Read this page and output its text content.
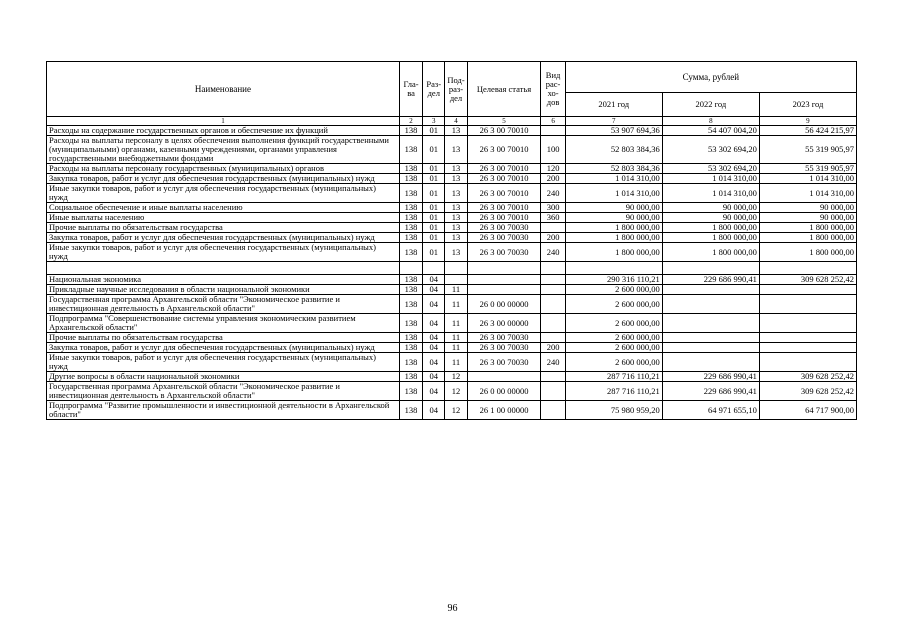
Наименование	Гла-ва	Раз-дел	Под-раз-дел	Целевая статья	Вид рас-хо-дов	Сумма, рублей		
						2021 год	2022 год	2023 год
1	2	3	4	5	6	7	8	9
Расходы на содержание государственных органов и обеспечение их функций	138	01	13	26 3 00 70010		53 907 694,36	54 407 004,20	56 424 215,97
Расходы на выплаты персоналу в целях обеспечения выполнения функций государственными (муниципальными) органами, казенными учреждениями, органами управления государственными внебюджетными фондами	138	01	13	26 3 00 70010	100	52 803 384,36	53 302 694,20	55 319 905,97
Расходы на выплаты персоналу государственных (муниципальных) органов	138	01	13	26 3 00 70010	120	52 803 384,36	53 302 694,20	55 319 905,97
Закупка товаров, работ и услуг для обеспечения государственных (муниципальных) нужд	138	01	13	26 3 00 70010	200	1 014 310,00	1 014 310,00	1 014 310,00
Иные закупки товаров, работ и услуг для обеспечения государственных (муниципальных) нужд	138	01	13	26 3 00 70010	240	1 014 310,00	1 014 310,00	1 014 310,00
Социальное обеспечение и иные выплаты населению	138	01	13	26 3 00 70010	300	90 000,00	90 000,00	90 000,00
Иные выплаты населению	138	01	13	26 3 00 70010	360	90 000,00	90 000,00	90 000,00
Прочие выплаты по обязательствам государства	138	01	13	26 3 00 70030		1 800 000,00	1 800 000,00	1 800 000,00
Закупка товаров, работ и услуг для обеспечения государственных (муниципальных) нужд	138	01	13	26 3 00 70030	200	1 800 000,00	1 800 000,00	1 800 000,00
Иные закупки товаров, работ и услуг для обеспечения государственных (муниципальных) нужд	138	01	13	26 3 00 70030	240	1 800 000,00	1 800 000,00	1 800 000,00

Национальная экономика	138	04				290 316 110,21	229 686 990,41	309 628 252,42
Прикладные научные исследования в области национальной экономики	138	04	11			2 600 000,00		
Государственная программа Архангельской области "Экономическое развитие и инвестиционная деятельность в Архангельской области"	138	04	11	26 0 00 00000		2 600 000,00		
Подпрограмма "Совершенствование системы управления экономическим развитием Архангельской области"	138	04	11	26 3 00 00000		2 600 000,00		
Прочие выплаты по обязательствам государства	138	04	11	26 3 00 70030		2 600 000,00		
Закупка товаров, работ и услуг для обеспечения государственных (муниципальных) нужд	138	04	11	26 3 00 70030	200	2 600 000,00		
Иные закупки товаров, работ и услуг для обеспечения государственных (муниципальных) нужд	138	04	11	26 3 00 70030	240	2 600 000,00		
Другие вопросы в области национальной экономики	138	04	12			287 716 110,21	229 686 990,41	309 628 252,42
Государственная программа Архангельской области "Экономическое развитие и инвестиционная деятельность в Архангельской области"	138	04	12	26 0 00 00000		287 716 110,21	229 686 990,41	309 628 252,42
Подпрограмма "Развитие промышленности и инвестиционной деятельности в Архангельской области"	138	04	12	26 1 00 00000		75 980 959,20	64 971 655,10	64 717 900,00
96
